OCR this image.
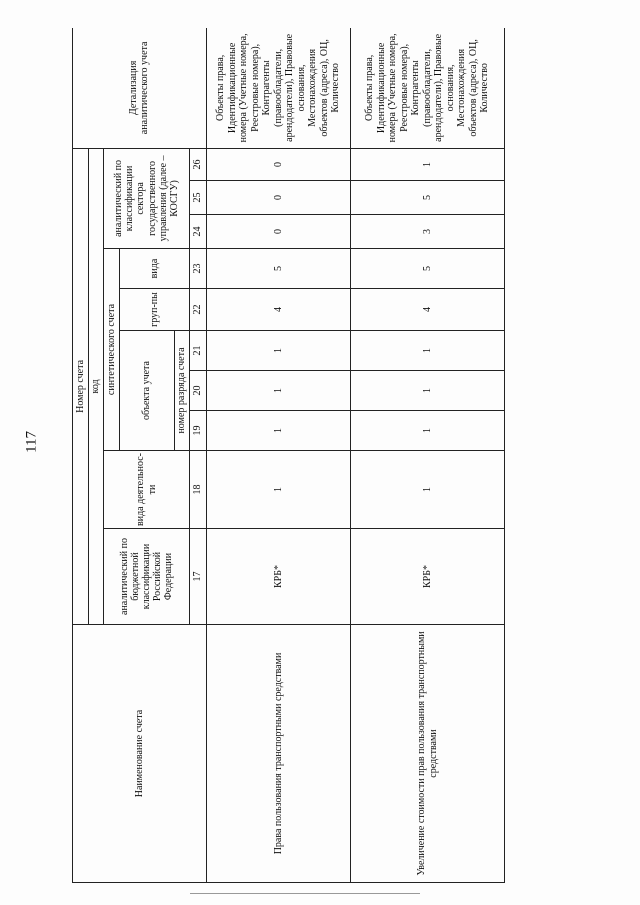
117
Наименование счета	Номер счета										Детализация аналитического учета

	код										

	аналитический по бюджетной классификации Российской Федерации	вида деятельнос-ти	синтетического счета					аналитический по классификации сектора государственного управления (далее – КОСГУ)			

			объекта учета			груп-пы	вида				

			номер разряда счета								

	17	18	19	20	21	22	23	24	25	26	
Права пользования транспортными средствами	КРБ*	1	1	1	1	4	5	0	0	0	Объекты права, Идентификационные номера (Учетные номера, Реестровые номера), Контрагенты (правообладатели, арендодатели), Правовые основания, Местонахождения объектов (адреса), ОЦ, Количество
Увеличение стоимости прав пользования транспортными средствами	КРБ*	1	1	1	1	4	5	3	5	1	Объекты права, Идентификационные номера (Учетные номера, Реестровые номера), Контрагенты (правообладатели, арендодатели), Правовые основания, Местонахождения объектов (адреса), ОЦ, Количество
